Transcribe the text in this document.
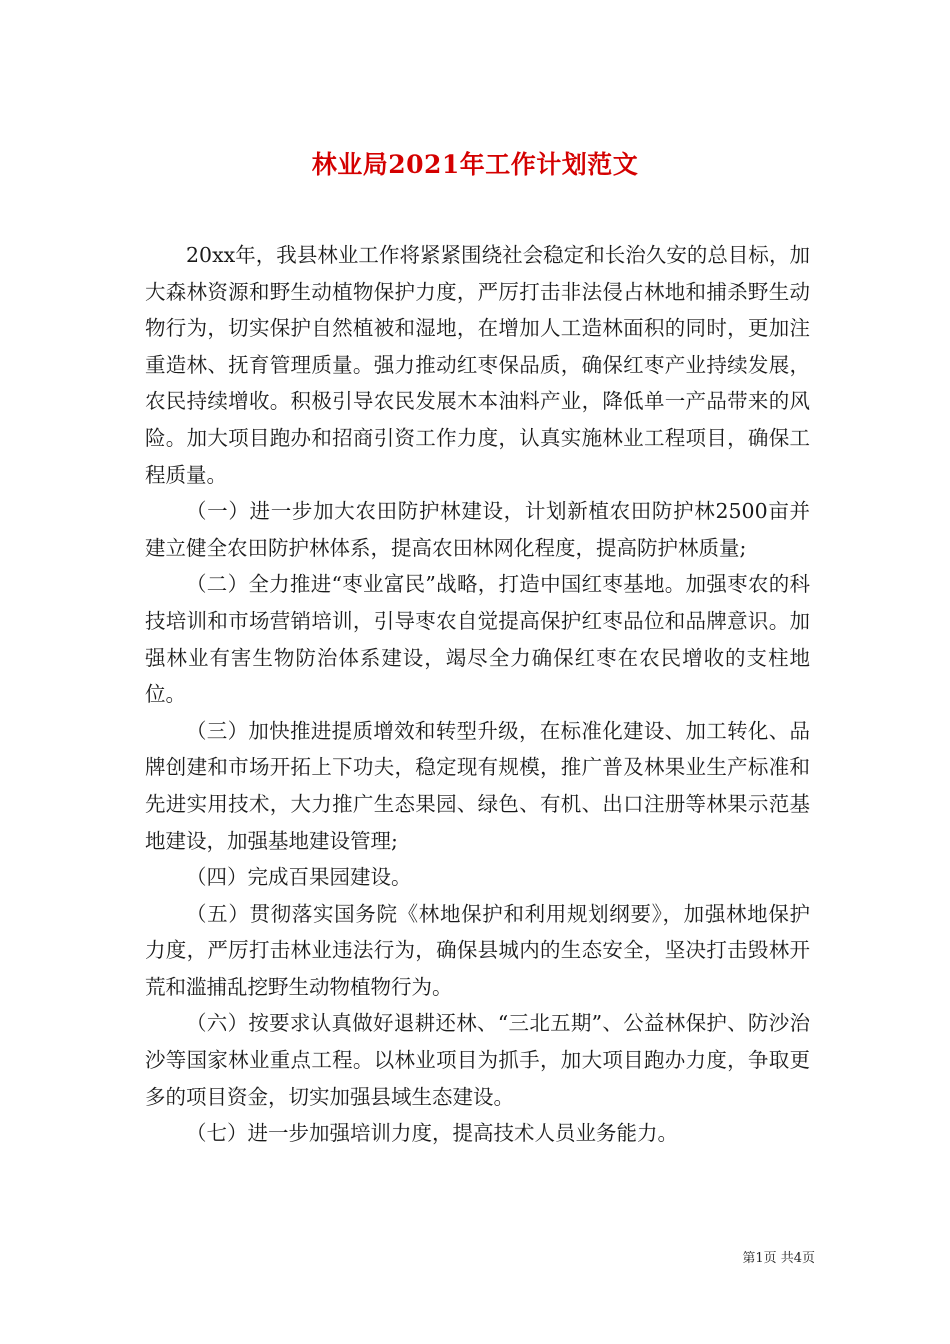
林业局2021年工作计划范文

20xx年，我县林业工作将紧紧围绕社会稳定和长治久安的总目标，加大森林资源和野生动植物保护力度，严厉打击非法侵占林地和捕杀野生动物行为，切实保护自然植被和湿地，在增加人工造林面积的同时，更加注重造林、抚育管理质量。强力推动红枣保品质，确保红枣产业持续发展，农民持续增收。积极引导农民发展木本油料产业，降低单一产品带来的风险。加大项目跑办和招商引资工作力度，认真实施林业工程项目，确保工程质量。

（一）进一步加大农田防护林建设，计划新植农田防护林2500亩并建立健全农田防护林体系，提高农田林网化程度，提高防护林质量;

（二）全力推进“枣业富民”战略，打造中国红枣基地。加强枣农的科技培训和市场营销培训，引导枣农自觉提高保护红枣品位和品牌意识。加强林业有害生物防治体系建设，竭尽全力确保红枣在农民增收的支柱地位。

（三）加快推进提质增效和转型升级，在标准化建设、加工转化、品牌创建和市场开拓上下功夫，稳定现有规模，推广普及林果业生产标准和先进实用技术，大力推广生态果园、绿色、有机、出口注册等林果示范基地建设，加强基地建设管理;

（四）完成百果园建设。

（五）贯彻落实国务院《林地保护和利用规划纲要》，加强林地保护力度，严厉打击林业违法行为，确保县城内的生态安全，坚决打击毁林开荒和滥捕乱挖野生动物植物行为。

（六）按要求认真做好退耕还林、“三北五期”、公益林保护、防沙治沙等国家林业重点工程。以林业项目为抓手，加大项目跑办力度，争取更多的项目资金，切实加强县域生态建设。

（七）进一步加强培训力度，提高技术人员业务能力。

第1页 共4页
